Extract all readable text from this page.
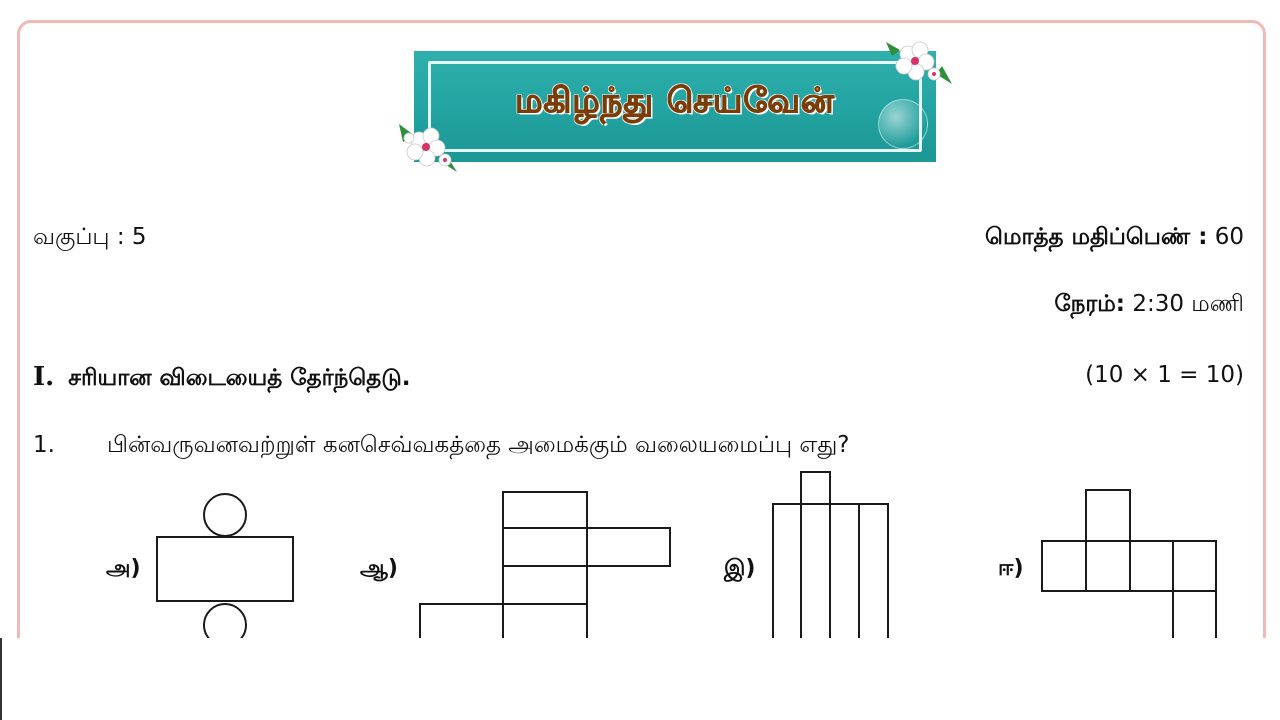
மகிழ்ந்து செய்வேன்
வகுப்பு : 5	மொத்த மதிப்பெண் : 60
நேரம்: 2:30 மணி
I. சரியான விடையைத் தேர்ந்தெடு.	(10 × 1 = 10)
1. பின்வருவனவற்றுள் கனசெவ்வகத்தை அமைக்கும் வலையமைப்பு எது?
அ)	ஆ)	இ)	ஈ)
